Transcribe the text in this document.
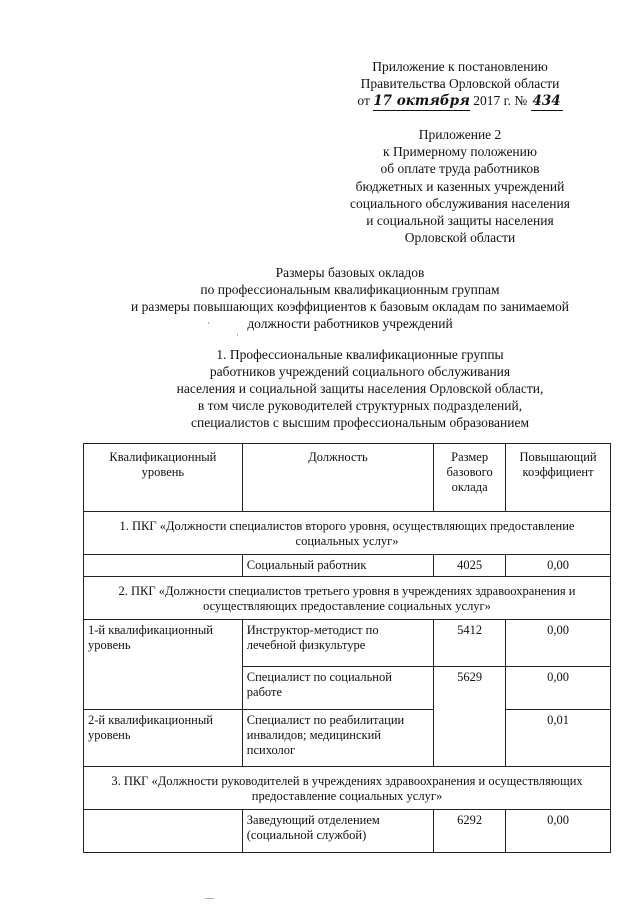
Приложение к постановлению
Правительства Орловской области
от 17 октября 2017 г. № 434
Приложение 2
к Примерному положению
об оплате труда работников
бюджетных и казенных учреждений
социального обслуживания населения
и социальной защиты населения
Орловской области
Размеры базовых окладов
по профессиональным квалификационным группам
и размеры повышающих коэффициентов к базовым окладам по занимаемой
должности работников учреждений
·
·
1. Профессиональные квалификационные группы
работников учреждений социального обслуживания
населения и социальной защиты населения Орловской области,
в том числе руководителей структурных подразделений,
специалистов с высшим профессиональным образованием
Квалификационный уровень	Должность	Размер базового оклада	Повышающий коэффициент
1. ПКГ «Должности специалистов второго уровня, осуществляющих предоставление социальных услуг»			
	Социальный работник	4025	0,00
2. ПКГ «Должности специалистов третьего уровня в учреждениях здравоохранения и осуществляющих предоставление социальных услуг»			
1-й квалификационный уровень	Инструктор-методист по лечебной физкультуре	5412	0,00
	Специалист по социальной работе	5629	0,00
2-й квалификационный уровень	Специалист по реабилитации инвалидов; медицинский психолог		0,01
3. ПКГ «Должности руководителей в учреждениях здравоохранения и осуществляющих предоставление социальных услуг»			
	Заведующий отделением (социальной службой)	6292	0,00
—
